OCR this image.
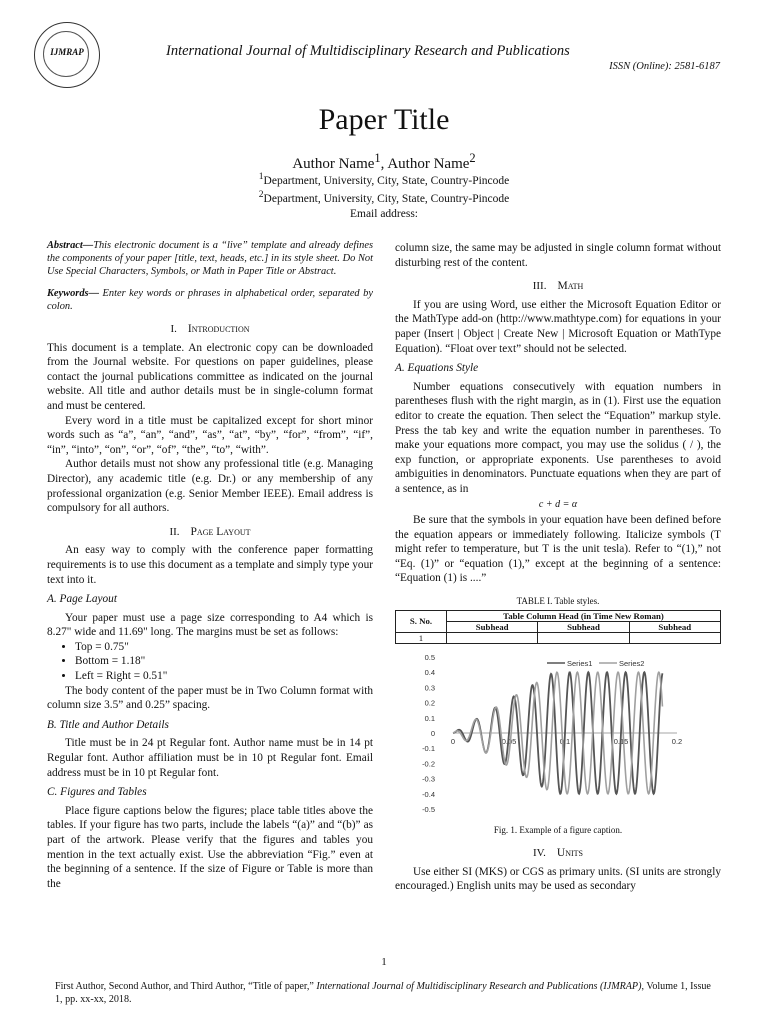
IJMRAP	International Journal of Multidisciplinary Research and Publications
ISSN (Online): 2581-6187
Paper Title
Author Name$^1$, Author Name$^2$
$^1$Department, University, City, State, Country-Pincode
$^2$Department, University, City, State, Country-Pincode
Email address:

Abstract—This electronic document is a “live” template and already defines the components of your paper [title, text, heads, etc.] in its style sheet. Do Not Use Special Characters, Symbols, or Math in Paper Title or Abstract.

Keywords— Enter key words or phrases in alphabetical order, separated by colon.

I. Introduction

This document is a template. An electronic copy can be downloaded from the Journal website. For questions on paper guidelines, please contact the journal publications committee as indicated on the journal website. All title and author details must be in single-column format and must be centered.

Every word in a title must be capitalized except for short minor words such as “a”, “an”, “and”, “as”, “at”, “by”, “for”, “from”, “if”, “in”, “into”, “on”, “or”, “of”, “the”, “to”, “with”.

Author details must not show any professional title (e.g. Managing Director), any academic title (e.g. Dr.) or any membership of any professional organization (e.g. Senior Member IEEE). Email address is compulsory for all authors.

II. Page Layout

An easy way to comply with the conference paper formatting requirements is to use this document as a template and simply type your text into it.

A. Page Layout

Your paper must use a page size corresponding to A4 which is 8.27" wide and 11.69" long. The margins must be set as follows:

• Top = 0.75"
• Bottom = 1.18"
• Left = Right = 0.51"

The body content of the paper must be in Two Column format with column size 3.5” and 0.25” spacing.

B. Title and Author Details

Title must be in 24 pt Regular font. Author name must be in 14 pt Regular font. Author affiliation must be in 10 pt Regular font. Email address must be in 10 pt Regular font.

C. Figures and Tables

Place figure captions below the figures; place table titles above the tables. If your figure has two parts, include the labels “(a)” and “(b)” as part of the artwork. Please verify that the figures and tables you mention in the text actually exist. Use the abbreviation “Fig.” even at the beginning of a sentence. If the size of Figure or Table is more than the

column size, the same may be adjusted in single column format without disturbing rest of the content.

III. Math

If you are using Word, use either the Microsoft Equation Editor or the MathType add-on (http://www.mathtype.com) for equations in your paper (Insert | Object | Create New | Microsoft Equation or MathType Equation). “Float over text” should not be selected.

A. Equations Style

Number equations consecutively with equation numbers in parentheses flush with the right margin, as in (1). First use the equation editor to create the equation. Then select the “Equation” markup style. Press the tab key and write the equation number in parentheses. To make your equations more compact, you may use the solidus ( / ), the exp function, or appropriate exponents. Use parentheses to avoid ambiguities in denominators. Punctuate equations when they are part of a sentence, as in

c + d = α

Be sure that the symbols in your equation have been defined before the equation appears or immediately following. Italicize symbols (T might refer to temperature, but T is the unit tesla). Refer to “(1),” not “Eq. (1)” or “equation (1),” except at the beginning of a sentence: “Equation (1) is ....”

TABLE I. Table styles.
S. No.	Table Column Head (in Time New Roman)		
	Subhead	Subhead	Subhead
1			
0.5
0.4
0.3
0.2
0.1
0
-0.1
-0.2
-0.3
-0.4
-0.5
0	0.05	0.1	0.15	0.2
Series1	Series2
Fig. 1. Example of a figure caption.
IV. Units

Use either SI (MKS) or CGS as primary units. (SI units are strongly encouraged.) English units may be used as secondary

1
First Author, Second Author, and Third Author, “Title of paper,” International Journal of Multidisciplinary Research and Publications (IJMRAP), Volume 1, Issue 1, pp. xx-xx, 2018.
